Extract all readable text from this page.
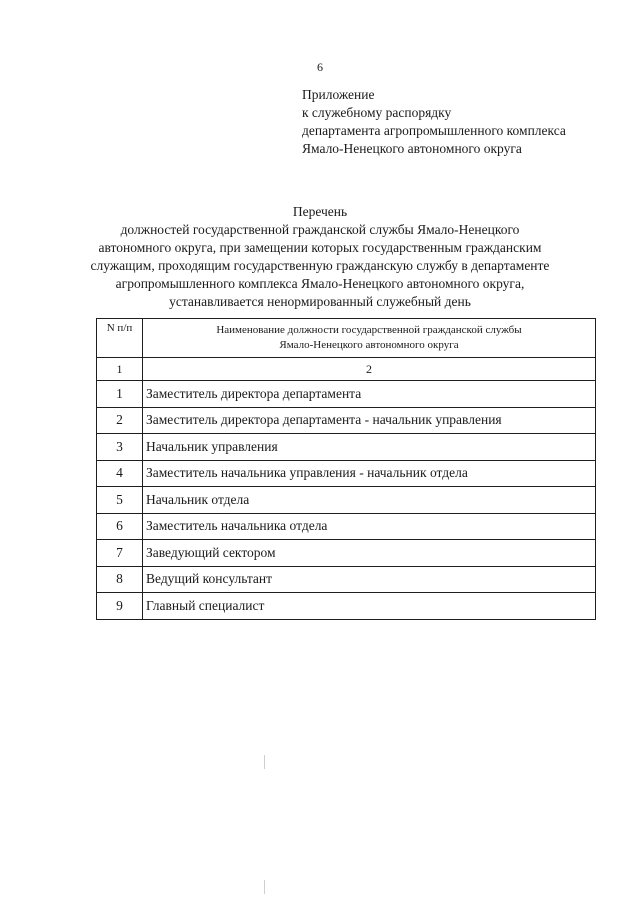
6
Приложение
к служебному распорядку
департамента агропромышленного комплекса
Ямало-Ненецкого автономного округа
Перечень
должностей государственной гражданской службы Ямало-Ненецкого
автономного округа, при замещении которых государственным гражданским
служащим, проходящим государственную гражданскую службу в департаменте
агропромышленного комплекса Ямало-Ненецкого автономного округа,
устанавливается ненормированный служебный день
N п/п	Наименование должности государственной гражданской службы
Ямало-Ненецкого автономного округа

1	2
1	Заместитель директора департамента
2	Заместитель директора департамента - начальник управления
3	Начальник управления
4	Заместитель начальника управления - начальник отдела
5	Начальник отдела
6	Заместитель начальника отдела
7	Заведующий сектором
8	Ведущий консультант
9	Главный специалист
